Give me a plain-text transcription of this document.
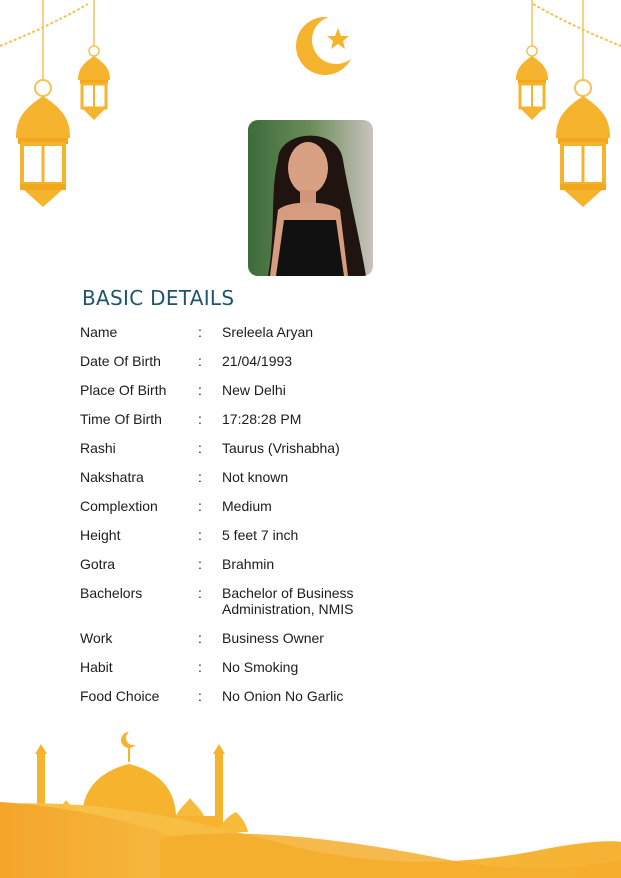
BASIC DETAILS
Name	:	Sreleela Aryan
Date Of Birth	:	21/04/1993
Place Of Birth	:	New Delhi
Time Of Birth	:	17:28:28 PM
Rashi	:	Taurus (Vrishabha)
Nakshatra	:	Not known
Complextion	:	Medium
Height	:	5 feet 7 inch
Gotra	:	Brahmin
Bachelors	:	Bachelor of Business Administration, NMIS
Work	:	Business Owner
Habit	:	No Smoking
Food Choice	:	No Onion No Garlic
